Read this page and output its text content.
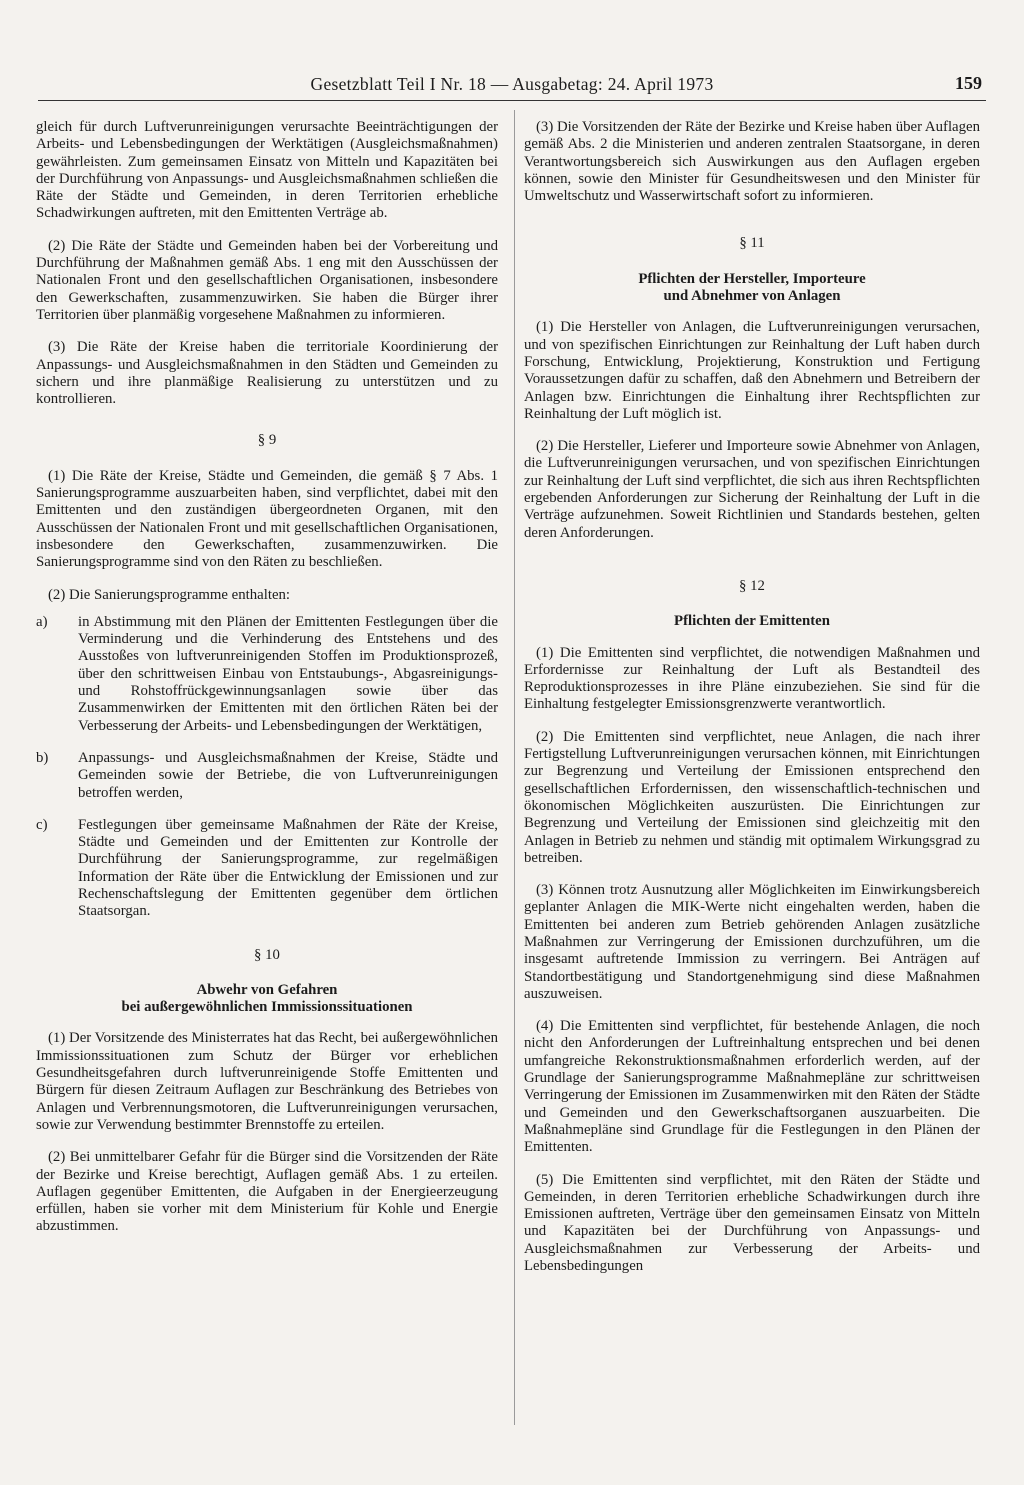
Gesetzblatt Teil I Nr. 18 — Ausgabetag: 24. April 1973	159

gleich für durch Luftverunreinigungen verursachte Beeinträchtigungen der Arbeits- und Lebensbedingungen der Werktätigen (Ausgleichsmaßnahmen) gewährleisten. Zum gemeinsamen Einsatz von Mitteln und Kapazitäten bei der Durchführung von Anpassungs- und Ausgleichsmaßnahmen schließen die Räte der Städte und Gemeinden, in deren Territorien erhebliche Schadwirkungen auftreten, mit den Emittenten Verträge ab.

(2) Die Räte der Städte und Gemeinden haben bei der Vorbereitung und Durchführung der Maßnahmen gemäß Abs. 1 eng mit den Ausschüssen der Nationalen Front und den gesellschaftlichen Organisationen, insbesondere den Gewerkschaften, zusammenzuwirken. Sie haben die Bürger ihrer Territorien über planmäßig vorgesehene Maßnahmen zu informieren.

(3) Die Räte der Kreise haben die territoriale Koordinierung der Anpassungs- und Ausgleichsmaßnahmen in den Städten und Gemeinden zu sichern und ihre planmäßige Realisierung zu unterstützen und zu kontrollieren.

§ 9

(1) Die Räte der Kreise, Städte und Gemeinden, die gemäß § 7 Abs. 1 Sanierungsprogramme auszuarbeiten haben, sind verpflichtet, dabei mit den Emittenten und den zuständigen übergeordneten Organen, mit den Ausschüssen der Nationalen Front und mit gesellschaftlichen Organisationen, insbesondere den Gewerkschaften, zusammenzuwirken. Die Sanierungsprogramme sind von den Räten zu beschließen.

(2) Die Sanierungsprogramme enthalten:

a) in Abstimmung mit den Plänen der Emittenten Festlegungen über die Verminderung und die Verhinderung des Entstehens und des Ausstoßes von luftverunreinigenden Stoffen im Produktionsprozeß, über den schrittweisen Einbau von Entstaubungs-, Abgasreinigungs- und Rohstoffrückgewinnungsanlagen sowie über das Zusammenwirken der Emittenten mit den örtlichen Räten bei der Verbesserung der Arbeits- und Lebensbedingungen der Werktätigen,
b) Anpassungs- und Ausgleichsmaßnahmen der Kreise, Städte und Gemeinden sowie der Betriebe, die von Luftverunreinigungen betroffen werden,
c) Festlegungen über gemeinsame Maßnahmen der Räte der Kreise, Städte und Gemeinden und der Emittenten zur Kontrolle der Durchführung der Sanierungsprogramme, zur regelmäßigen Information der Räte über die Entwicklung der Emissionen und zur Rechenschaftslegung der Emittenten gegenüber dem örtlichen Staatsorgan.
§ 10
Abwehr von Gefahren
bei außergewöhnlichen Immissionssituationen

(1) Der Vorsitzende des Ministerrates hat das Recht, bei außergewöhnlichen Immissionssituationen zum Schutz der Bürger vor erheblichen Gesundheitsgefahren durch luftverunreinigende Stoffe Emittenten und Bürgern für diesen Zeitraum Auflagen zur Beschränkung des Betriebes von Anlagen und Verbrennungsmotoren, die Luftverunreinigungen verursachen, sowie zur Verwendung bestimmter Brennstoffe zu erteilen.

(2) Bei unmittelbarer Gefahr für die Bürger sind die Vorsitzenden der Räte der Bezirke und Kreise berechtigt, Auflagen gemäß Abs. 1 zu erteilen. Auflagen gegenüber Emittenten, die Aufgaben in der Energieerzeugung erfüllen, haben sie vorher mit dem Ministerium für Kohle und Energie abzustimmen.

(3) Die Vorsitzenden der Räte der Bezirke und Kreise haben über Auflagen gemäß Abs. 2 die Ministerien und anderen zentralen Staatsorgane, in deren Verantwortungsbereich sich Auswirkungen aus den Auflagen ergeben können, sowie den Minister für Gesundheitswesen und den Minister für Umweltschutz und Wasserwirtschaft sofort zu informieren.

§ 11
Pflichten der Hersteller, Importeure
und Abnehmer von Anlagen

(1) Die Hersteller von Anlagen, die Luftverunreinigungen verursachen, und von spezifischen Einrichtungen zur Reinhaltung der Luft haben durch Forschung, Entwicklung, Projektierung, Konstruktion und Fertigung Voraussetzungen dafür zu schaffen, daß den Abnehmern und Betreibern der Anlagen bzw. Einrichtungen die Einhaltung ihrer Rechtspflichten zur Reinhaltung der Luft möglich ist.

(2) Die Hersteller, Lieferer und Importeure sowie Abnehmer von Anlagen, die Luftverunreinigungen verursachen, und von spezifischen Einrichtungen zur Reinhaltung der Luft sind verpflichtet, die sich aus ihren Rechtspflichten ergebenden Anforderungen zur Sicherung der Reinhaltung der Luft in die Verträge aufzunehmen. Soweit Richtlinien und Standards bestehen, gelten deren Anforderungen.

§ 12
Pflichten der Emittenten

(1) Die Emittenten sind verpflichtet, die notwendigen Maßnahmen und Erfordernisse zur Reinhaltung der Luft als Bestandteil des Reproduktionsprozesses in ihre Pläne einzubeziehen. Sie sind für die Einhaltung festgelegter Emissionsgrenzwerte verantwortlich.

(2) Die Emittenten sind verpflichtet, neue Anlagen, die nach ihrer Fertigstellung Luftverunreinigungen verursachen können, mit Einrichtungen zur Begrenzung und Verteilung der Emissionen entsprechend den gesellschaftlichen Erfordernissen, den wissenschaftlich-technischen und ökonomischen Möglichkeiten auszurüsten. Die Einrichtungen zur Begrenzung und Verteilung der Emissionen sind gleichzeitig mit den Anlagen in Betrieb zu nehmen und ständig mit optimalem Wirkungsgrad zu betreiben.

(3) Können trotz Ausnutzung aller Möglichkeiten im Einwirkungsbereich geplanter Anlagen die MIK-Werte nicht eingehalten werden, haben die Emittenten bei anderen zum Betrieb gehörenden Anlagen zusätzliche Maßnahmen zur Verringerung der Emissionen durchzuführen, um die insgesamt auftretende Immission zu verringern. Bei Anträgen auf Standortbestätigung und Standortgenehmigung sind diese Maßnahmen auszuweisen.

(4) Die Emittenten sind verpflichtet, für bestehende Anlagen, die noch nicht den Anforderungen der Luftreinhaltung entsprechen und bei denen umfangreiche Rekonstruktionsmaßnahmen erforderlich werden, auf der Grundlage der Sanierungsprogramme Maßnahmepläne zur schrittweisen Verringerung der Emissionen im Zusammenwirken mit den Räten der Städte und Gemeinden und den Gewerkschaftsorganen auszuarbeiten. Die Maßnahmepläne sind Grundlage für die Festlegungen in den Plänen der Emittenten.

(5) Die Emittenten sind verpflichtet, mit den Räten der Städte und Gemeinden, in deren Territorien erhebliche Schadwirkungen durch ihre Emissionen auftreten, Verträge über den gemeinsamen Einsatz von Mitteln und Kapazitäten bei der Durchführung von Anpassungs- und Ausgleichsmaßnahmen zur Verbesserung der Arbeits- und Lebensbedingungen
